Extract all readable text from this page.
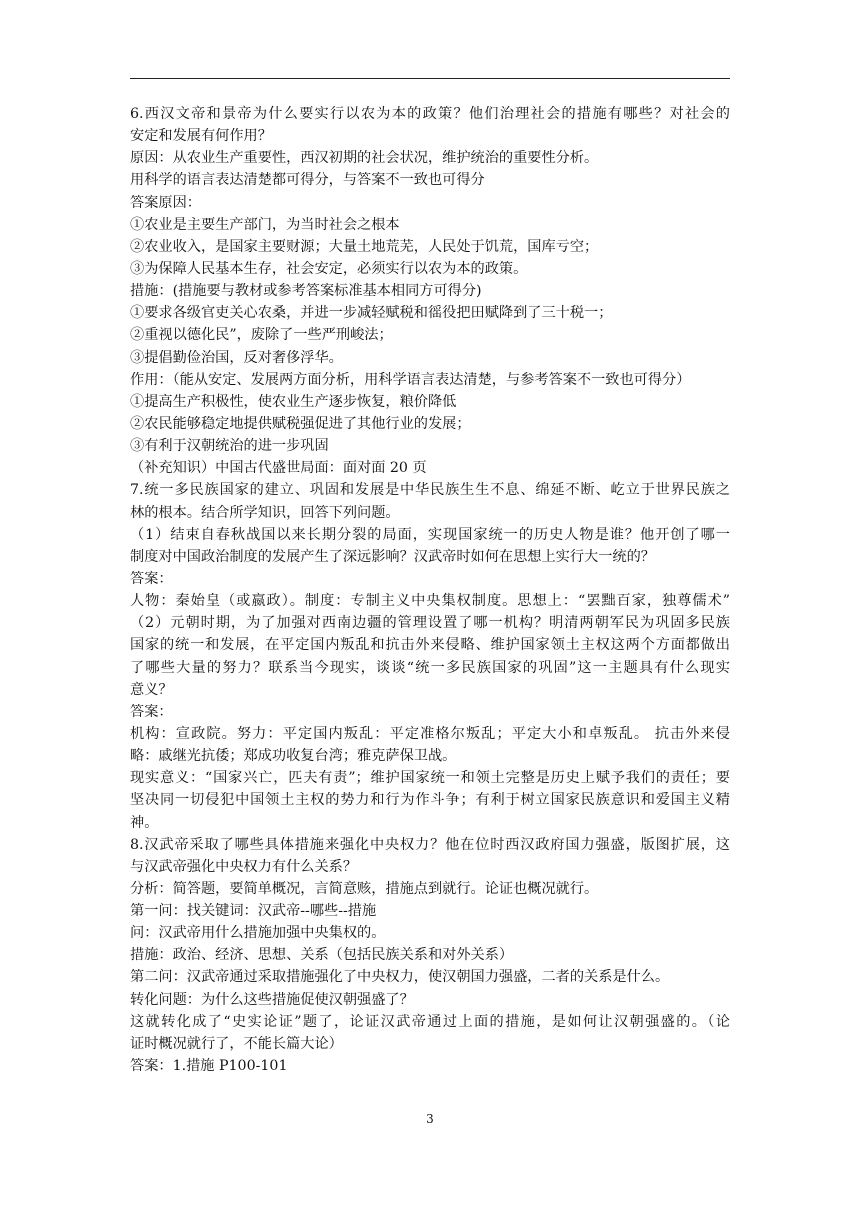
6.西汉文帝和景帝为什么要实行以农为本的政策？他们治理社会的措施有哪些？对社会的
安定和发展有何作用？
原因：从农业生产重要性，西汉初期的社会状况，维护统治的重要性分析。
用科学的语言表达清楚都可得分，与答案不一致也可得分
答案原因：
①农业是主要生产部门，为当时社会之根本
②农业收入，是国家主要财源；大量土地荒芜，人民处于饥荒，国库亏空；
③为保障人民基本生存，社会安定，必须实行以农为本的政策。
措施：(措施要与教材或参考答案标准基本相同方可得分)
①要求各级官吏关心农桑，并进一步减轻赋税和徭役把田赋降到了三十税一；
②重视以德化民”，废除了一些严刑峻法；
③提倡勤俭治国，反对奢侈浮华。
作用：（能从安定、发展两方面分析，用科学语言表达清楚，与参考答案不一致也可得分）
①提高生产积极性，使农业生产逐步恢复，粮价降低
②农民能够稳定地提供赋税强促进了其他行业的发展；
③有利于汉朝统治的进一步巩固
（补充知识）中国古代盛世局面：面对面 20 页
7.统一多民族国家的建立、巩固和发展是中华民族生生不息、绵延不断、屹立于世界民族之
林的根本。结合所学知识，回答下列问题。
（1）结束自春秋战国以来长期分裂的局面，实现国家统一的历史人物是谁？他开创了哪一
制度对中国政治制度的发展产生了深远影响？汉武帝时如何在思想上实行大一统的？
答案：
人物：秦始皇（或嬴政）。制度：专制主义中央集权制度。思想上：“罢黜百家，独尊儒术”
（2）元朝时期，为了加强对西南边疆的管理设置了哪一机构？明清两朝军民为巩固多民族
国家的统一和发展，在平定国内叛乱和抗击外来侵略、维护国家领土主权这两个方面都做出
了哪些大量的努力？联系当今现实，谈谈“统一多民族国家的巩固”这一主题具有什么现实
意义？
答案：
机构：宣政院。努力：平定国内叛乱：平定准格尔叛乱；平定大小和卓叛乱。 抗击外来侵
略：戚继光抗倭；郑成功收复台湾；雅克萨保卫战。
现实意义：“国家兴亡，匹夫有责”；维护国家统一和领土完整是历史上赋予我们的责任；要
坚决同一切侵犯中国领土主权的势力和行为作斗争；有利于树立国家民族意识和爱国主义精
神。
8.汉武帝采取了哪些具体措施来强化中央权力？他在位时西汉政府国力强盛，版图扩展，这
与汉武帝强化中央权力有什么关系？
分析：简答题，要简单概况，言简意赅，措施点到就行。论证也概况就行。
第一问：找关键词：汉武帝--哪些--措施
问：汉武帝用什么措施加强中央集权的。
措施：政治、经济、思想、关系（包括民族关系和对外关系）
第二问：汉武帝通过采取措施强化了中央权力，使汉朝国力强盛，二者的关系是什么。
转化问题：为什么这些措施促使汉朝强盛了？
这就转化成了“史实论证”题了，论证汉武帝通过上面的措施，是如何让汉朝强盛的。（论
证时概况就行了，不能长篇大论）
答案：1.措施 P100-101
3
